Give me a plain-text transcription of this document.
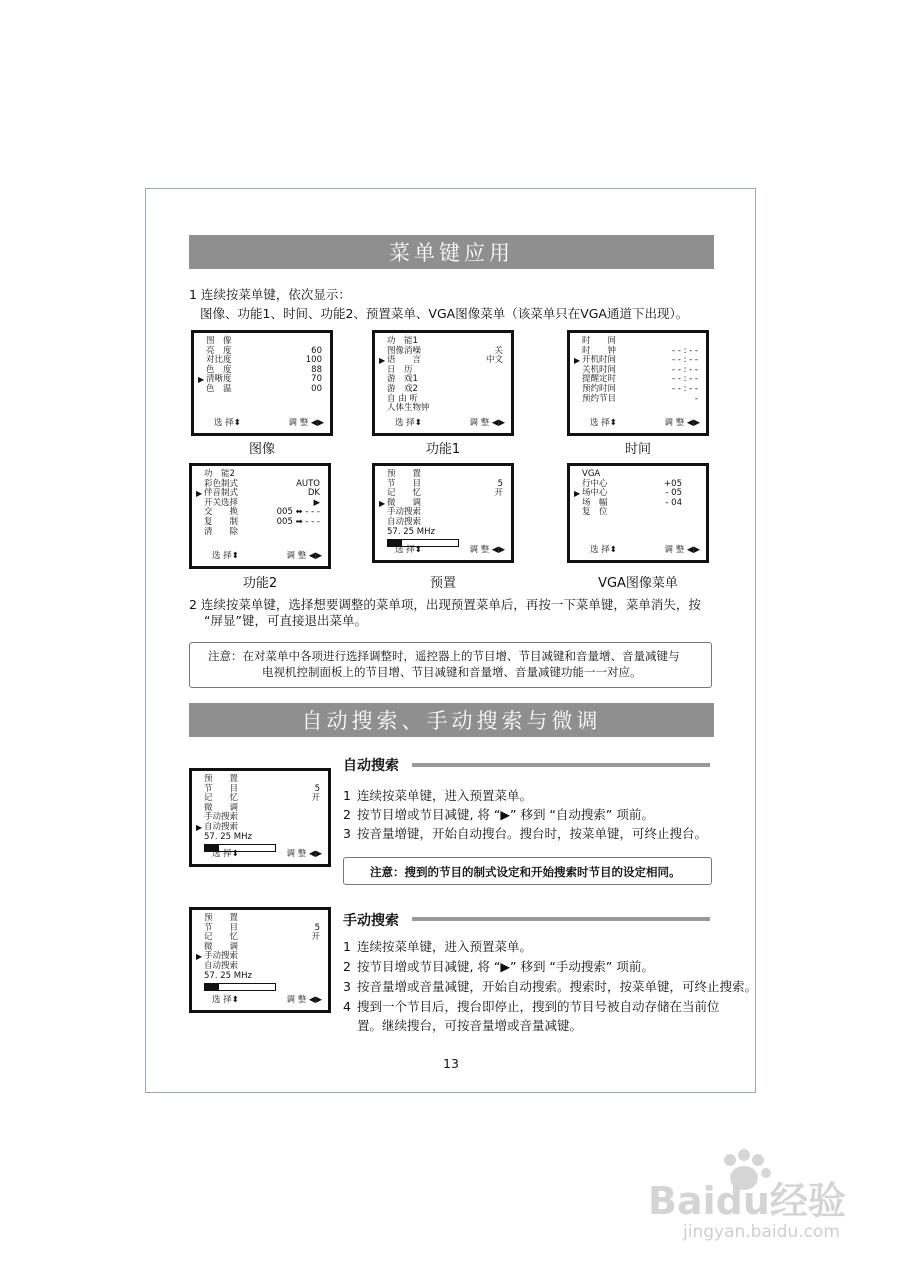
菜单键应用
1 连续按菜单键，依次显示：
图像、功能1、时间、功能2、预置菜单、VGA图像菜单（该菜单只在VGA通道下出现）。
图　像
亮　度	60
对比度	100
色　度	88
▶ 清晰度	70
色　温	00
选 择⬍	调 整 ◀▶
图像
功　能1
图像消噪	关
▶ 语　　言	中文
日　历
游　戏1
游　戏2
自 由 听
人体生物钟
选 择⬍	调 整 ◀▶
功能1
时　　间
时　　钟	- - : - -
▶ 开机时间	- - : - -
关机时间	- - : - -
提醒定时	- - : - -
预约时间	- - : - -
预约节目	-
选 择⬍	调 整 ◀▶
时间
功　能2
彩色制式	AUTO
▶ 伴音制式	DK
开关选择	▶
交　　换	005 ⬌ - - -
复　　制	005 ➡ - - -
清　　除
选 择⬍	调 整 ◀▶
功能2
预　　置
节　　目	5
记　　忆	开
▶ 微　　调
手动搜索
自动搜索
57. 25 MHz
选 择⬍	调 整 ◀▶
预置
VGA
行中心	+05
▶ 场中心	- 05
场　幅	- 04
复　位
选 择⬍	调 整 ◀▶
VGA图像菜单
2 连续按菜单键，选择想要调整的菜单项，出现预置菜单后，再按一下菜单键，菜单消失，按
“屏显”键，可直接退出菜单。
注意：在对菜单中各项进行选择调整时，遥控器上的节目增、节目减键和音量增、音量减键与
电视机控制面板上的节目增、节目减键和音量增、音量减键功能一一对应。
自动搜索、手动搜索与微调
预　　置
节　　目	5
记　　忆	开
微　　调
手动搜索
▶ 自动搜索
57. 25 MHz
选 择⬍	调 整 ◀▶
自动搜索
1 连续按菜单键，进入预置菜单。
2 按节目增或节目减键, 将 “▶” 移到 “自动搜索” 项前。
3 按音量增键，开始自动搜台。搜台时，按菜单键，可终止搜台。
注意：搜到的节目的制式设定和开始搜索时节目的设定相同。
预　　置
节　　目	5
记　　忆	开
微　　调
▶ 手动搜索
自动搜索
57. 25 MHz
选 择⬍	调 整 ◀▶
手动搜索
1 连续按菜单键，进入预置菜单。
2 按节目增或节目减键, 将 “▶” 移到 “手动搜索” 项前。
3 按音量增或音量减键，开始自动搜索。搜索时，按菜单键，可终止搜索。
4 搜到一个节目后，搜台即停止，搜到的节目号被自动存储在当前位
置。继续搜台，可按音量增或音量减键。
13
Baidu经验
jingyan.baidu.com
